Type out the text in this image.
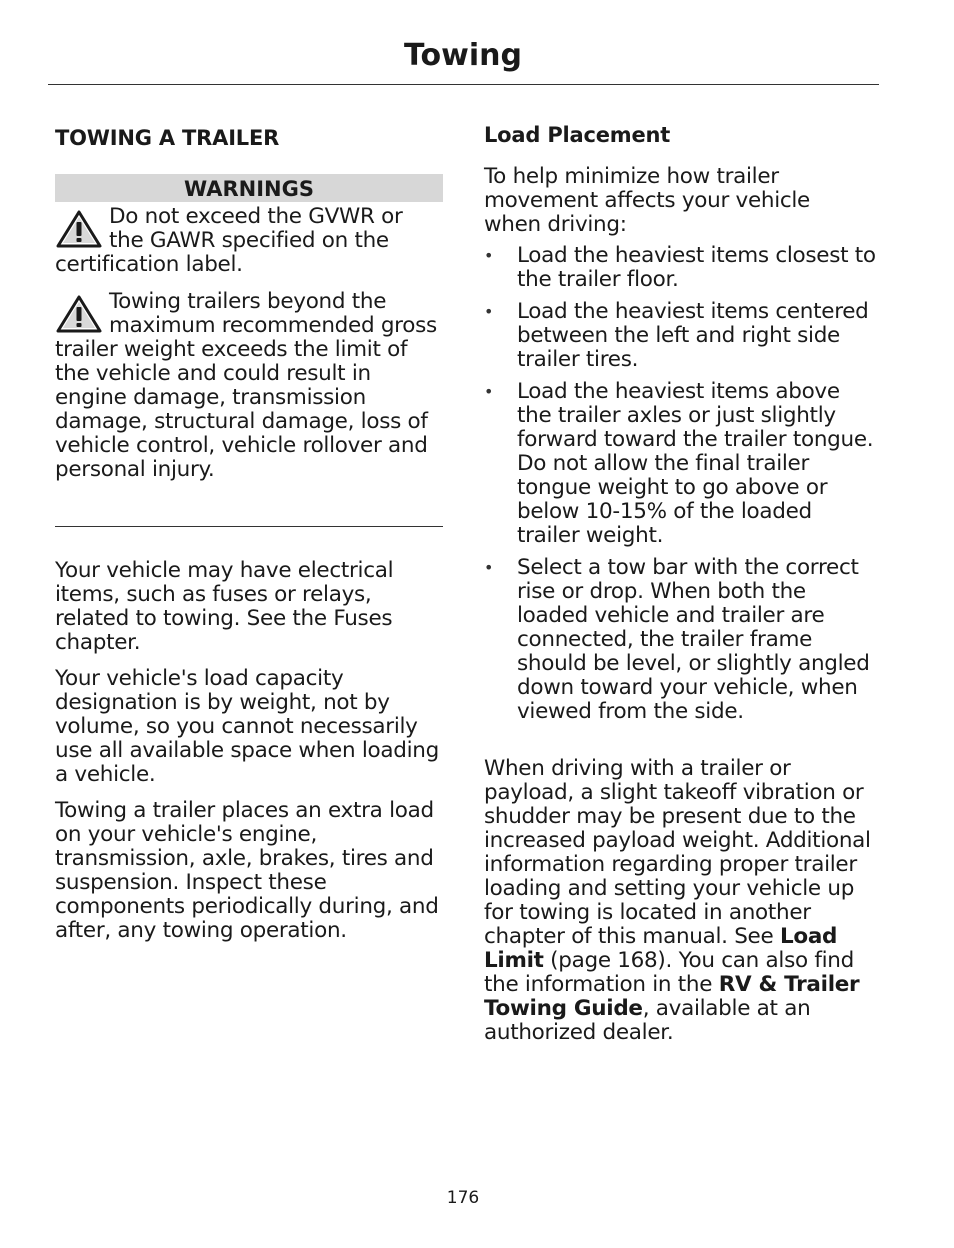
Towing
TOWING A TRAILER
WARNINGS
Do not exceed the GVWR or the GAWR specified on the certification label.
Towing trailers beyond the maximum recommended gross trailer weight exceeds the limit of the vehicle and could result in engine damage, transmission damage, structural damage, loss of vehicle control, vehicle rollover and personal injury.
Your vehicle may have electrical items, such as fuses or relays, related to towing. See the Fuses chapter.
Your vehicle's load capacity designation is by weight, not by volume, so you cannot necessarily use all available space when loading a vehicle.
Towing a trailer places an extra load on your vehicle's engine, transmission, axle, brakes, tires and suspension. Inspect these components periodically during, and after, any towing operation.
Load Placement
To help minimize how trailer movement affects your vehicle when driving:
• Load the heaviest items closest to the trailer floor.
• Load the heaviest items centered between the left and right side trailer tires.
• Load the heaviest items above the trailer axles or just slightly forward toward the trailer tongue. Do not allow the final trailer tongue weight to go above or below 10-15% of the loaded trailer weight.
• Select a tow bar with the correct rise or drop. When both the loaded vehicle and trailer are connected, the trailer frame should be level, or slightly angled down toward your vehicle, when viewed from the side.
When driving with a trailer or payload, a slight takeoff vibration or shudder may be present due to the increased payload weight. Additional information regarding proper trailer loading and setting your vehicle up for towing is located in another chapter of this manual. See Load Limit (page 168). You can also find the information in the RV & Trailer Towing Guide, available at an authorized dealer.
176
